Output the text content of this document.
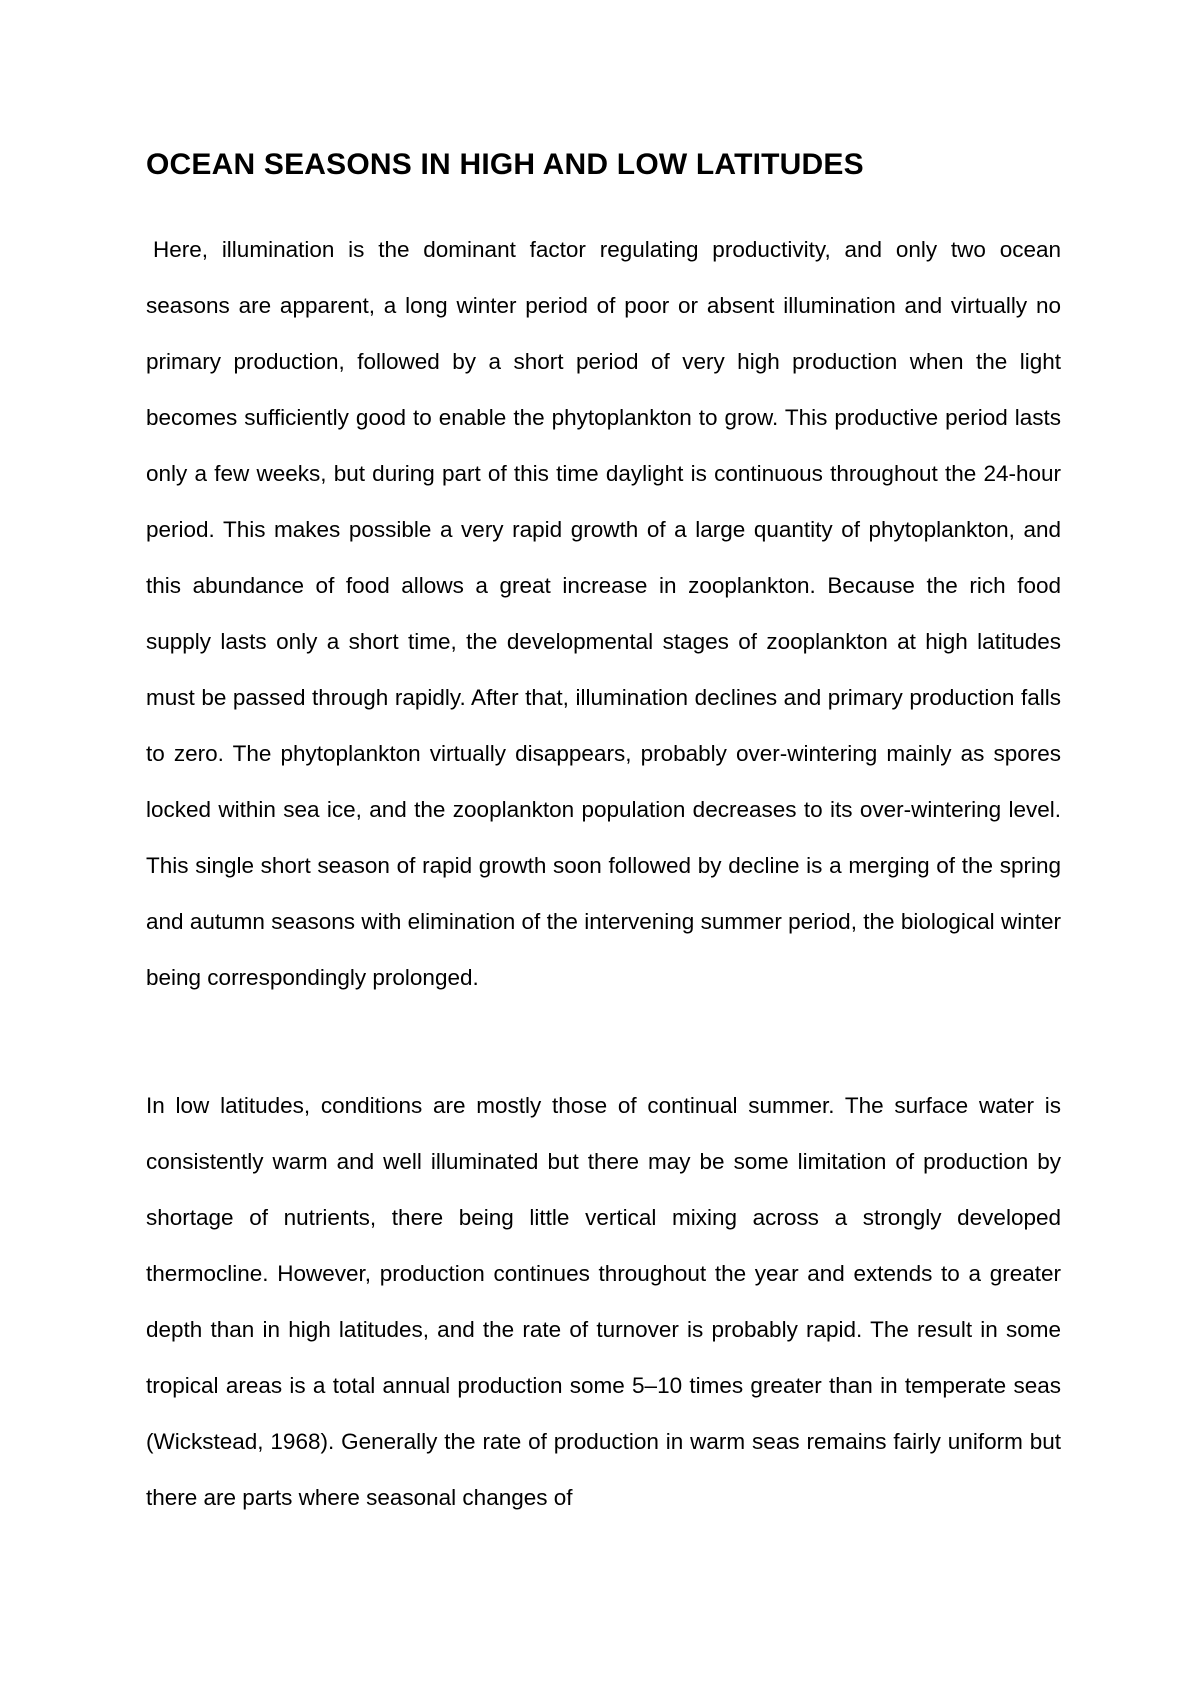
OCEAN SEASONS IN HIGH AND LOW LATITUDES

Here, illumination is the dominant factor regulating productivity, and only two ocean seasons are apparent, a long winter period of poor or absent illumination and virtually no primary production, followed by a short period of very high production when the light becomes sufficiently good to enable the phytoplankton to grow. This productive period lasts only a few weeks, but during part of this time daylight is continuous throughout the 24-hour period. This makes possible a very rapid growth of a large quantity of phytoplankton, and this abundance of food allows a great increase in zooplankton. Because the rich food supply lasts only a short time, the developmental stages of zooplankton at high latitudes must be passed through rapidly. After that, illumination declines and primary production falls to zero. The phytoplankton virtually disappears, probably over-wintering mainly as spores locked within sea ice, and the zooplankton population decreases to its over-wintering level. This single short season of rapid growth soon followed by decline is a merging of the spring and autumn seasons with elimination of the intervening summer period, the biological winter being correspondingly prolonged.

In low latitudes, conditions are mostly those of continual summer. The surface water is consistently warm and well illuminated but there may be some limitation of production by shortage of nutrients, there being little vertical mixing across a strongly developed thermocline. However, production continues throughout the year and extends to a greater depth than in high latitudes, and the rate of turnover is probably rapid. The result in some tropical areas is a total annual production some 5–10 times greater than in temperate seas (Wickstead, 1968). Generally the rate of production in warm seas remains fairly uniform but there are parts where seasonal changes of
